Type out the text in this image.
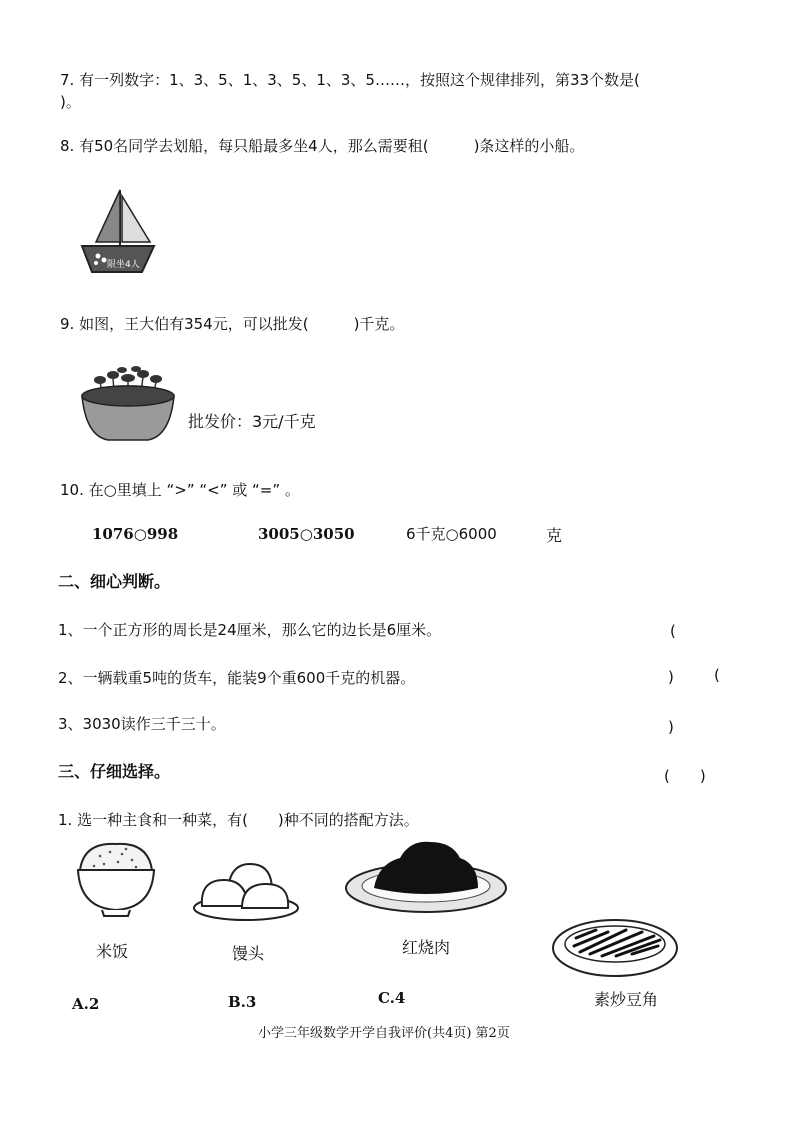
7. 有一列数字：1、3、5、1、3、5、1、3、5……，按照这个规律排列，第33个数是(
)。
8. 有50名同学去划船，每只船最多坐4人，那么需要租(　　　)条这样的小船。
限坐4人
9. 如图，王大伯有354元，可以批发(　　　)千克。
批发价：3元/千克
10. 在○里填上 “>” “<” 或 “=” 。
1076○998	3005○3050	6千克○6000	克
二、细心判断。
1、一个正方形的周长是24厘米，那么它的边长是6厘米。	(
2、一辆载重5吨的货车，能装9个重600千克的机器。	)	(
3、3030读作三千三十。	)
三、仔细选择。	(　　)
1. 选一种主食和一种菜，有(　　)种不同的搭配方法。
米饭	馒头	红烧肉
素炒豆角
A.2	B.3	C.4
小学三年级数学开学自我评价(共4页) 第2页
